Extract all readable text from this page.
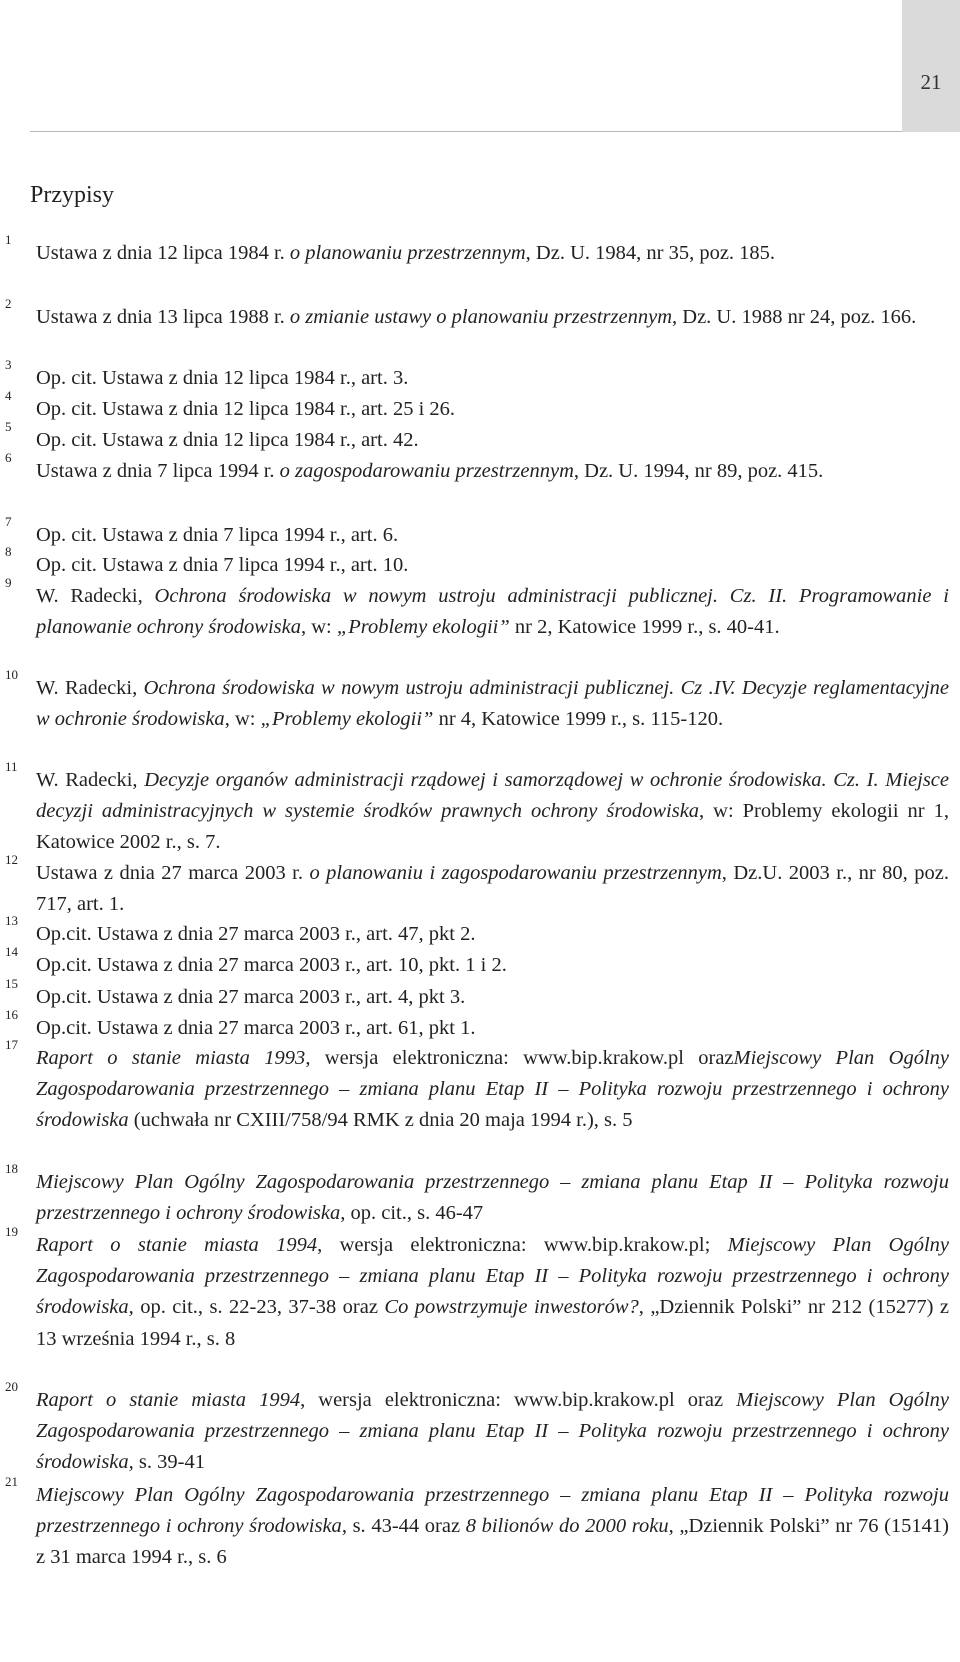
21
Przypisy
1
Ustawa z dnia 12 lipca 1984 r. o planowaniu przestrzennym, Dz. U. 1984, nr 35, poz. 185.
2
Ustawa z dnia 13 lipca 1988 r. o zmianie ustawy o planowaniu przestrzennym, Dz. U. 1988 nr 24, poz. 166.
3
Op. cit. Ustawa z dnia 12 lipca 1984 r., art. 3.
4
Op. cit. Ustawa z dnia 12 lipca 1984 r., art. 25 i 26.
5
Op. cit. Ustawa z dnia 12 lipca 1984 r., art. 42.
6
Ustawa z dnia 7 lipca 1994 r. o zagospodarowaniu przestrzennym, Dz. U. 1994, nr 89, poz. 415.
7
Op. cit. Ustawa z dnia 7 lipca 1994 r., art. 6.
8
Op. cit. Ustawa z dnia 7 lipca 1994 r., art. 10.
9
W. Radecki, Ochrona środowiska w nowym ustroju administracji publicznej. Cz. II. Programowanie i planowanie ochrony środowiska, w: „Problemy ekologii” nr 2, Katowice 1999 r., s. 40-41.
10
W. Radecki, Ochrona środowiska w nowym ustroju administracji publicznej. Cz .IV. Decyzje reglamentacyjne w ochronie środowiska, w: „Problemy ekologii” nr 4, Katowice 1999 r., s. 115-120.
11
W. Radecki, Decyzje organów administracji rządowej i samorządowej w ochronie środowiska. Cz. I. Miejsce decyzji administracyjnych w systemie środków prawnych ochrony środowiska, w: Problemy ekologii nr 1, Katowice 2002 r., s. 7.
12
Ustawa z dnia 27 marca 2003 r. o planowaniu i zagospodarowaniu przestrzennym, Dz.U. 2003 r., nr 80, poz. 717, art. 1.
13
Op.cit. Ustawa z dnia 27 marca 2003 r., art. 47, pkt 2.
14
Op.cit. Ustawa z dnia 27 marca 2003 r., art. 10, pkt. 1 i 2.
15
Op.cit. Ustawa z dnia 27 marca 2003 r., art. 4, pkt 3.
16
Op.cit. Ustawa z dnia 27 marca 2003 r., art. 61, pkt 1.
17
Raport o stanie miasta 1993, wersja elektroniczna: www.bip.krakow.pl orazMiejscowy Plan Ogólny Zagospodarowania przestrzennego – zmiana planu Etap II – Polityka rozwoju przestrzennego i ochrony środowiska (uchwała nr CXIII/758/94 RMK z dnia 20 maja 1994 r.), s. 5
18
Miejscowy Plan Ogólny Zagospodarowania przestrzennego – zmiana planu Etap II – Polityka rozwoju przestrzennego i ochrony środowiska, op. cit., s. 46-47
19
Raport o stanie miasta 1994, wersja elektroniczna: www.bip.krakow.pl; Miejscowy Plan Ogólny Zagospodarowania przestrzennego – zmiana planu Etap II – Polityka rozwoju przestrzennego i ochrony środowiska, op. cit., s. 22-23, 37-38 oraz Co powstrzymuje inwestorów?, „Dziennik Polski” nr 212 (15277) z 13 września 1994 r., s. 8
20
Raport o stanie miasta 1994, wersja elektroniczna: www.bip.krakow.pl oraz Miejscowy Plan Ogólny Zagospodarowania przestrzennego – zmiana planu Etap II – Polityka rozwoju przestrzennego i ochrony środowiska, s. 39-41
21
Miejscowy Plan Ogólny Zagospodarowania przestrzennego – zmiana planu Etap II – Polityka rozwoju przestrzennego i ochrony środowiska, s. 43-44 oraz 8 bilionów do 2000 roku, „Dziennik Polski” nr 76 (15141) z 31 marca 1994 r., s. 6
